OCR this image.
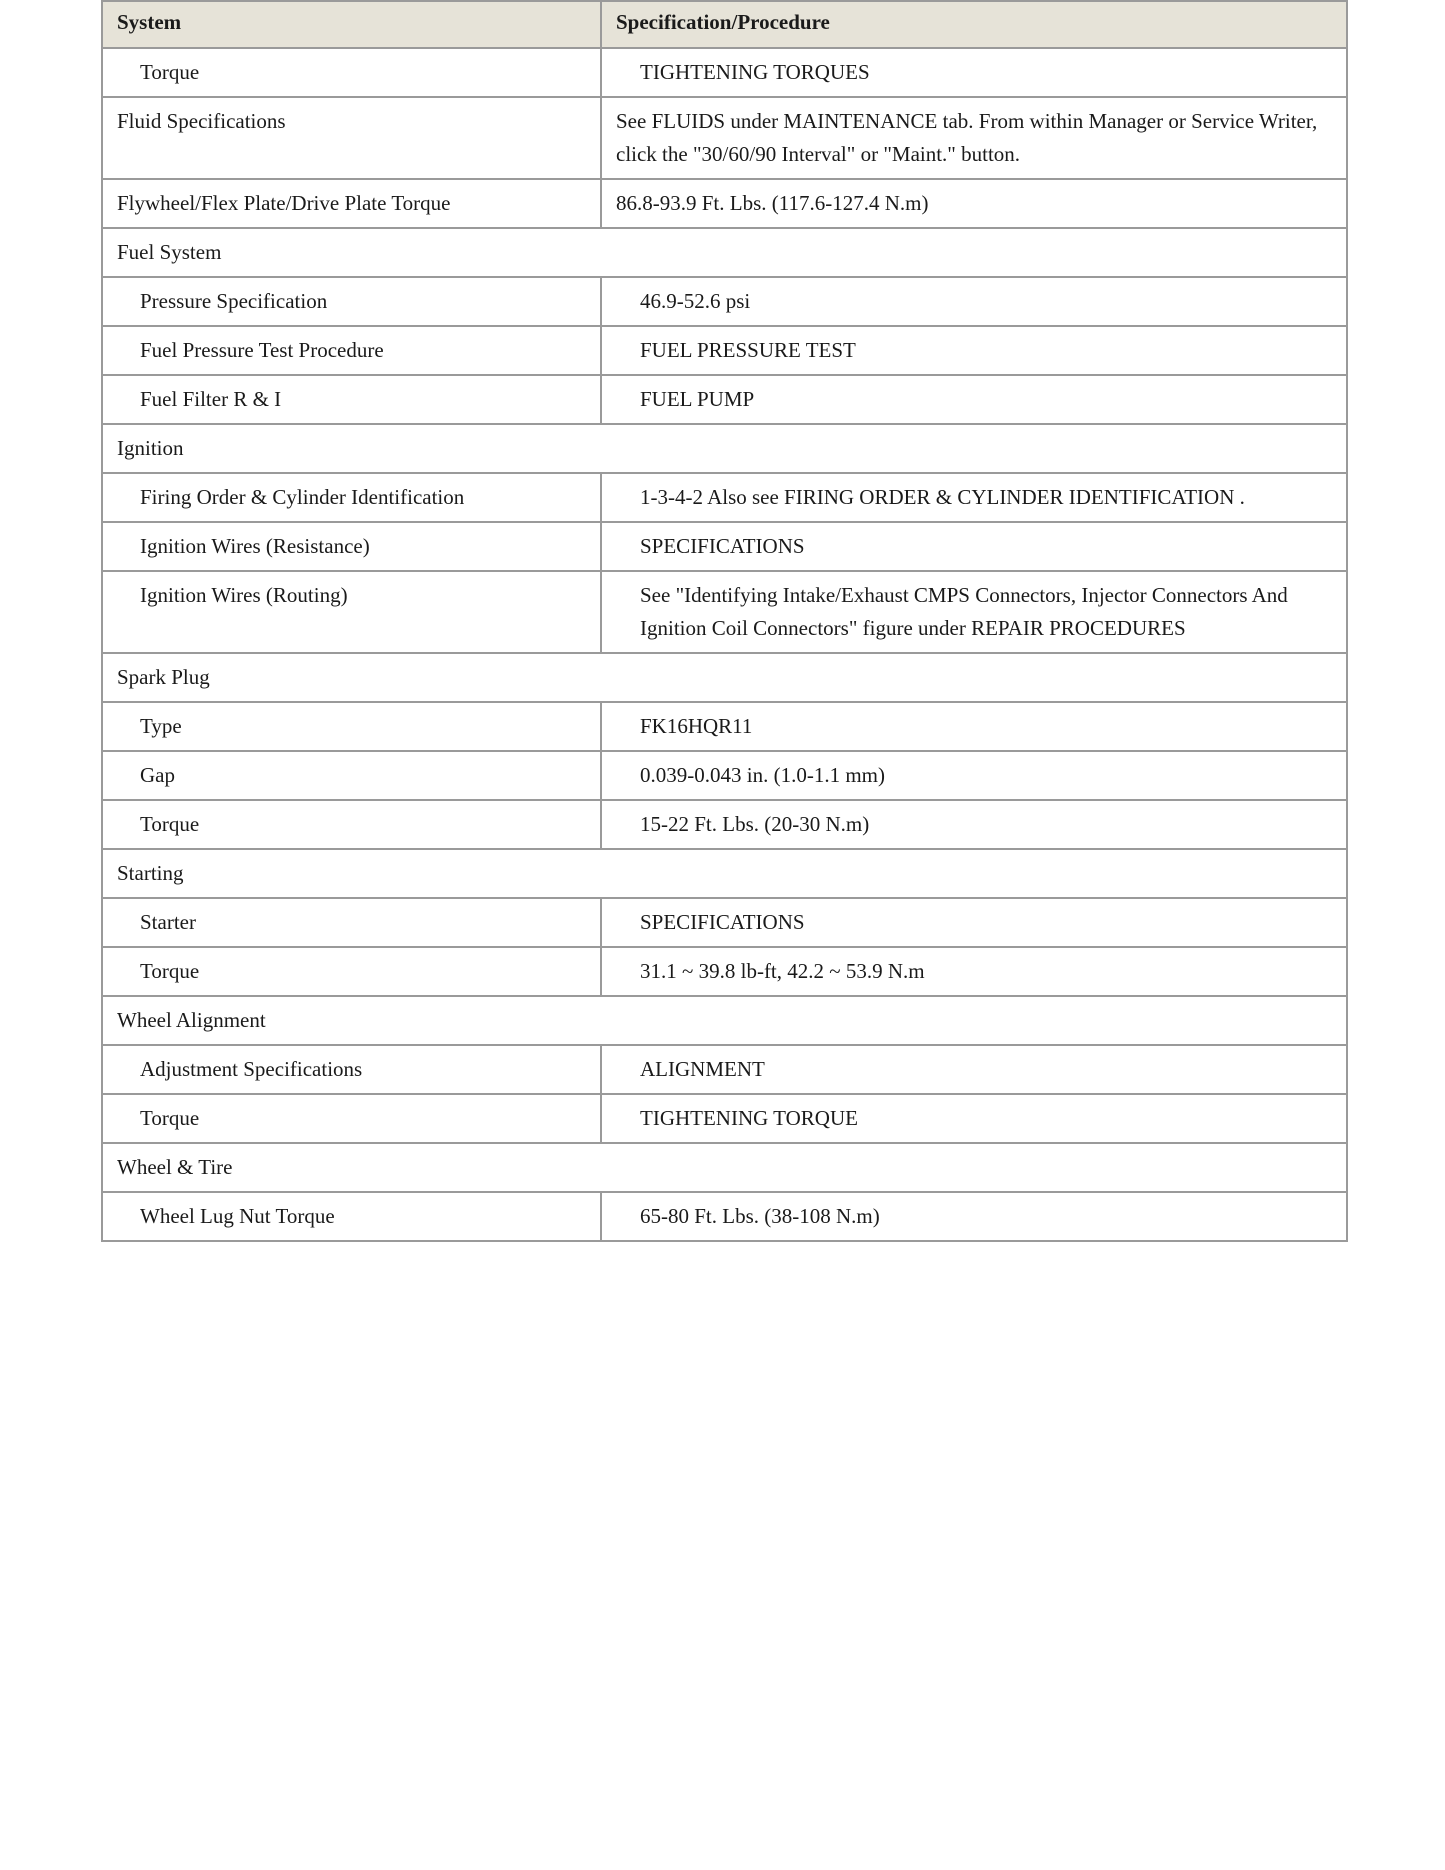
System	Specification/Procedure
Torque	TIGHTENING TORQUES
Fluid Specifications	See FLUIDS under MAINTENANCE tab. From within Manager or Service Writer, click the "30/60/90 Interval" or "Maint." button.
Flywheel/Flex Plate/Drive Plate Torque	86.8-93.9 Ft. Lbs. (117.6-127.4 N.m)
Fuel System	
Pressure Specification	46.9-52.6 psi
Fuel Pressure Test Procedure	FUEL PRESSURE TEST
Fuel Filter R & I	FUEL PUMP
Ignition	
Firing Order & Cylinder Identification	1-3-4-2 Also see FIRING ORDER & CYLINDER IDENTIFICATION .
Ignition Wires (Resistance)	SPECIFICATIONS
Ignition Wires (Routing)	See "Identifying Intake/Exhaust CMPS Connectors, Injector Connectors And Ignition Coil Connectors" figure under REPAIR PROCEDURES
Spark Plug	
Type	FK16HQR11
Gap	0.039-0.043 in. (1.0-1.1 mm)
Torque	15-22 Ft. Lbs. (20-30 N.m)
Starting	
Starter	SPECIFICATIONS
Torque	31.1 ~ 39.8 lb-ft, 42.2 ~ 53.9 N.m
Wheel Alignment	
Adjustment Specifications	ALIGNMENT
Torque	TIGHTENING TORQUE
Wheel & Tire	
Wheel Lug Nut Torque	65-80 Ft. Lbs. (38-108 N.m)
